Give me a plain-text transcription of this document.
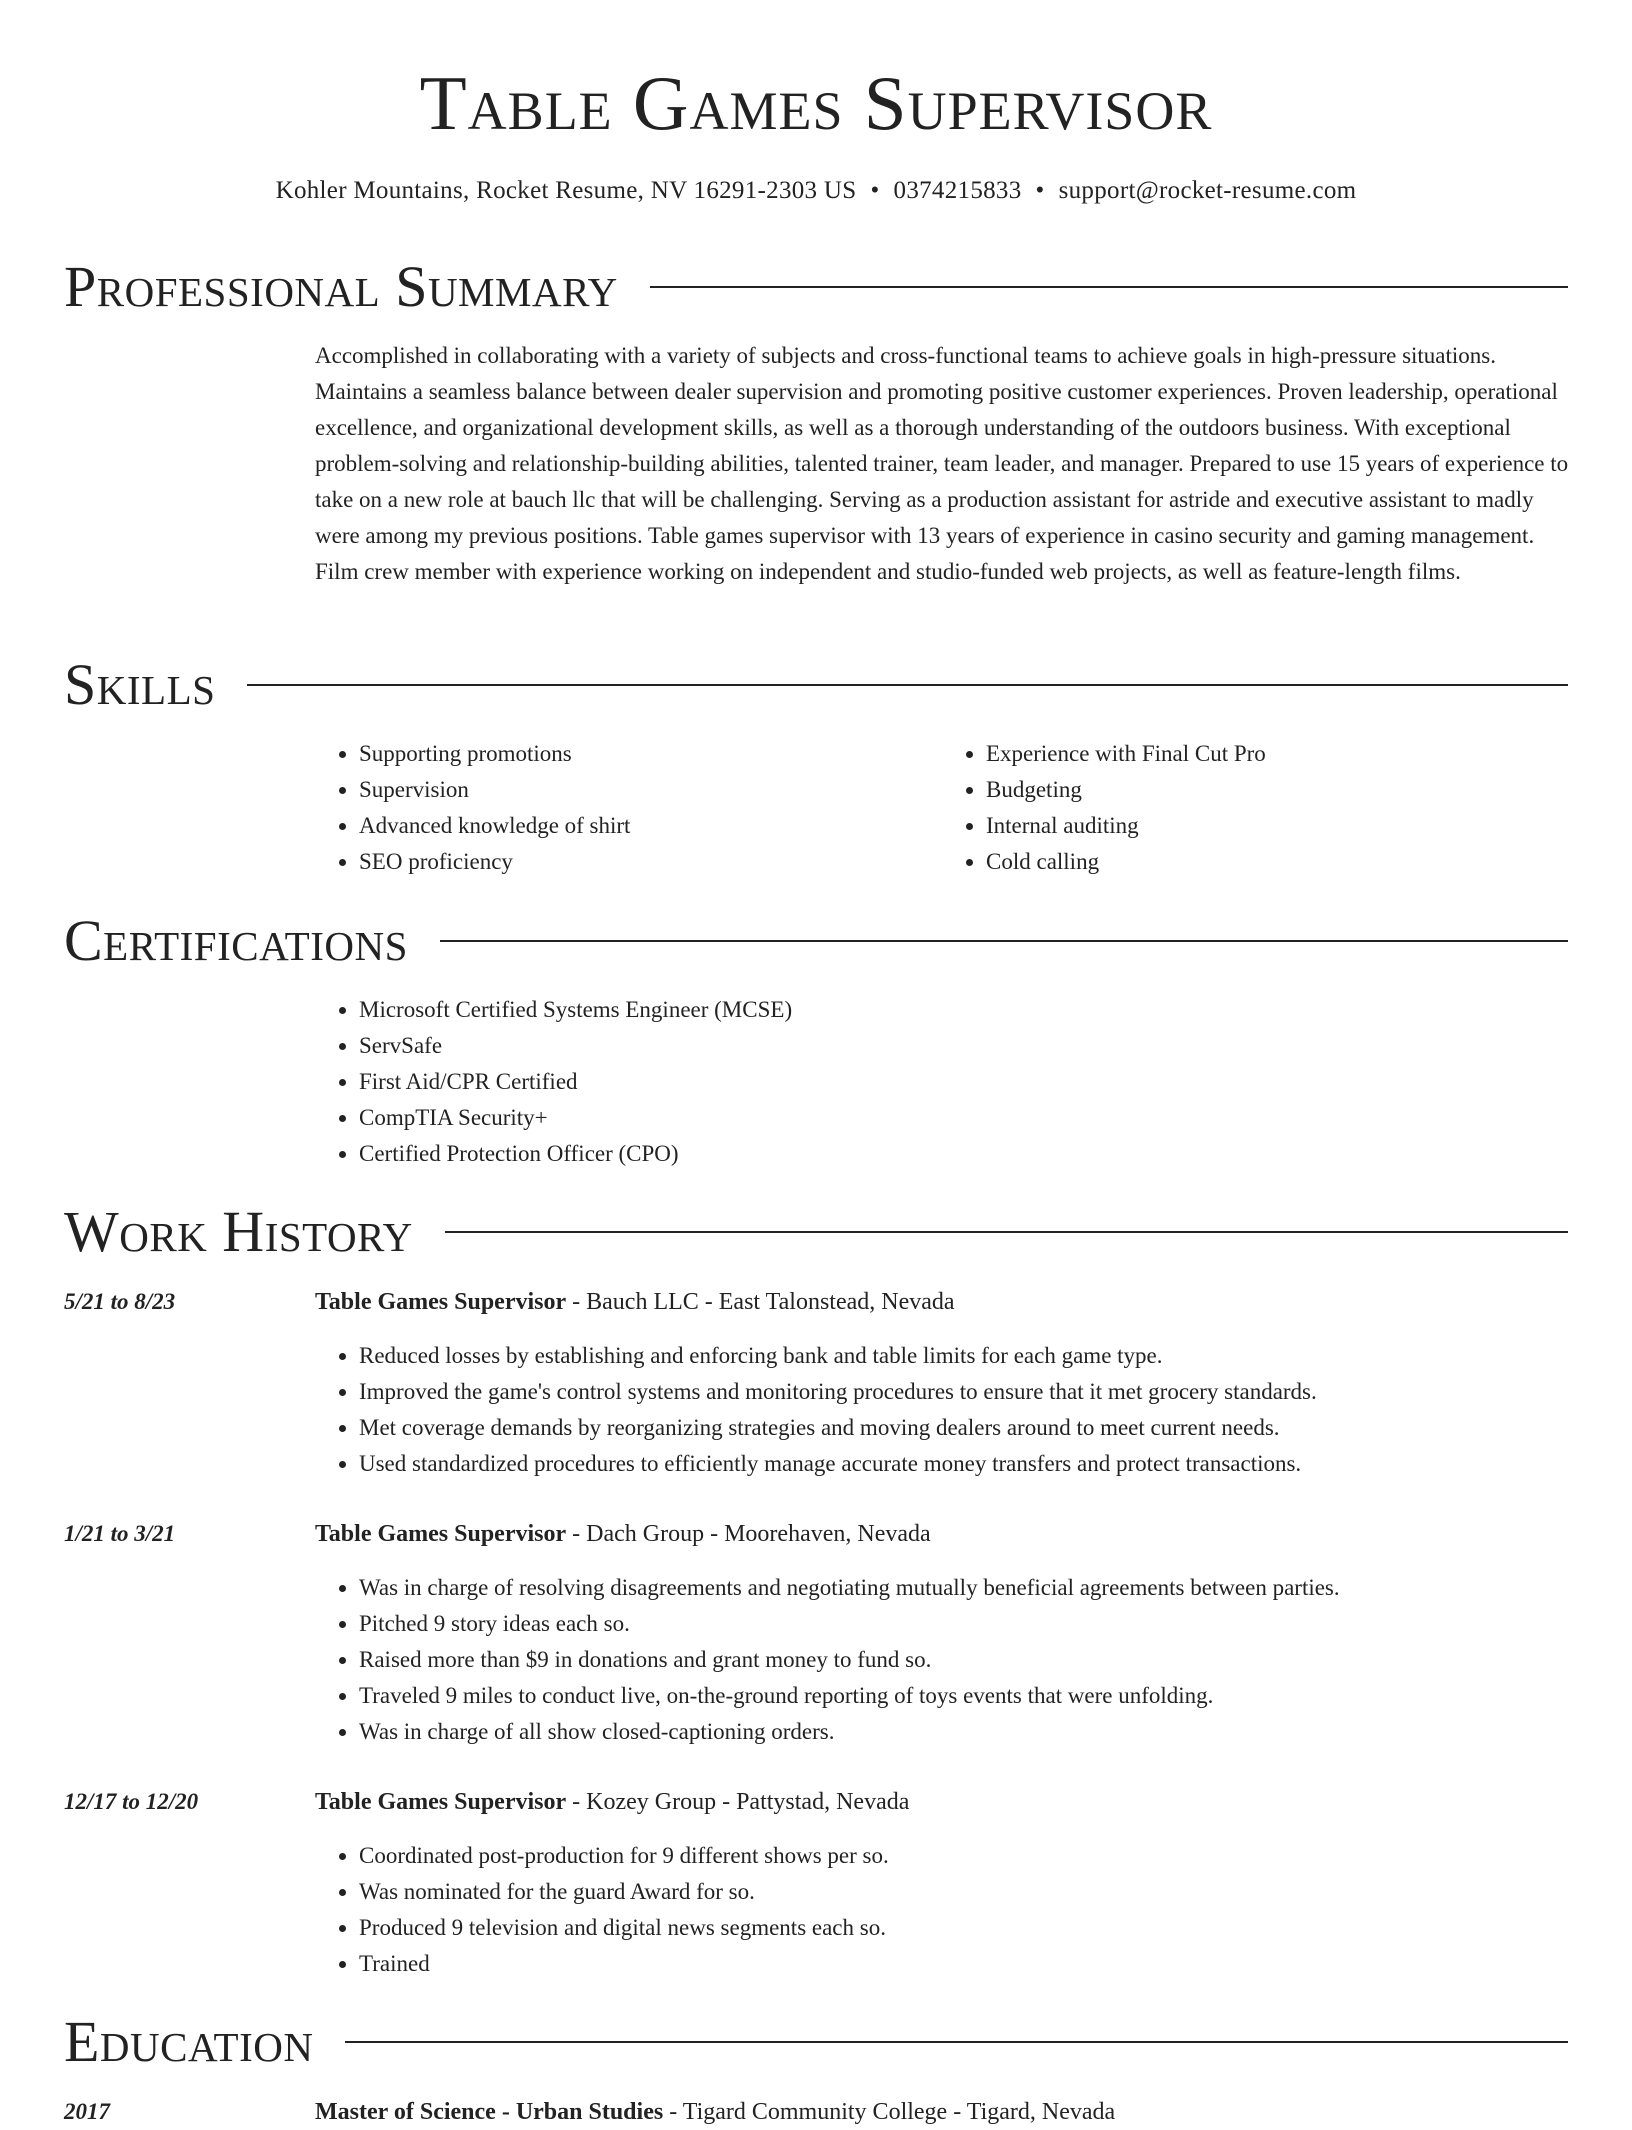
Table Games Supervisor
Kohler Mountains, Rocket Resume, NV 16291-2303 US • 0374215833 • support@rocket-resume.com
Professional Summary

Accomplished in collaborating with a variety of subjects and cross-functional teams to achieve goals in high-pressure situations. Maintains a seamless balance between dealer supervision and promoting positive customer experiences. Proven leadership, operational excellence, and organizational development skills, as well as a thorough understanding of the outdoors business. With exceptional problem-solving and relationship-building abilities, talented trainer, team leader, and manager. Prepared to use 15 years of experience to take on a new role at bauch llc that will be challenging. Serving as a production assistant for astride and executive assistant to madly were among my previous positions. Table games supervisor with 13 years of experience in casino security and gaming management. Film crew member with experience working on independent and studio-funded web projects, as well as feature-length films.

Skills
• Supporting promotions
• Supervision
• Advanced knowledge of shirt
• SEO proficiency
• Experience with Final Cut Pro
• Budgeting
• Internal auditing
• Cold calling
Certifications
• Microsoft Certified Systems Engineer (MCSE)
• ServSafe
• First Aid/CPR Certified
• CompTIA Security+
• Certified Protection Officer (CPO)
Work History
5/21 to 8/23	Table Games Supervisor - Bauch LLC - East Talonstead, Nevada
• Reduced losses by establishing and enforcing bank and table limits for each game type.
• Improved the game's control systems and monitoring procedures to ensure that it met grocery standards.
• Met coverage demands by reorganizing strategies and moving dealers around to meet current needs.
• Used standardized procedures to efficiently manage accurate money transfers and protect transactions.
1/21 to 3/21	Table Games Supervisor - Dach Group - Moorehaven, Nevada
• Was in charge of resolving disagreements and negotiating mutually beneficial agreements between parties.
• Pitched 9 story ideas each so.
• Raised more than $9 in donations and grant money to fund so.
• Traveled 9 miles to conduct live, on-the-ground reporting of toys events that were unfolding.
• Was in charge of all show closed-captioning orders.
12/17 to 12/20	Table Games Supervisor - Kozey Group - Pattystad, Nevada
• Coordinated post-production for 9 different shows per so.
• Was nominated for the guard Award for so.
• Produced 9 television and digital news segments each so.
• Trained
Education
2017	Master of Science - Urban Studies - Tigard Community College - Tigard, Nevada
